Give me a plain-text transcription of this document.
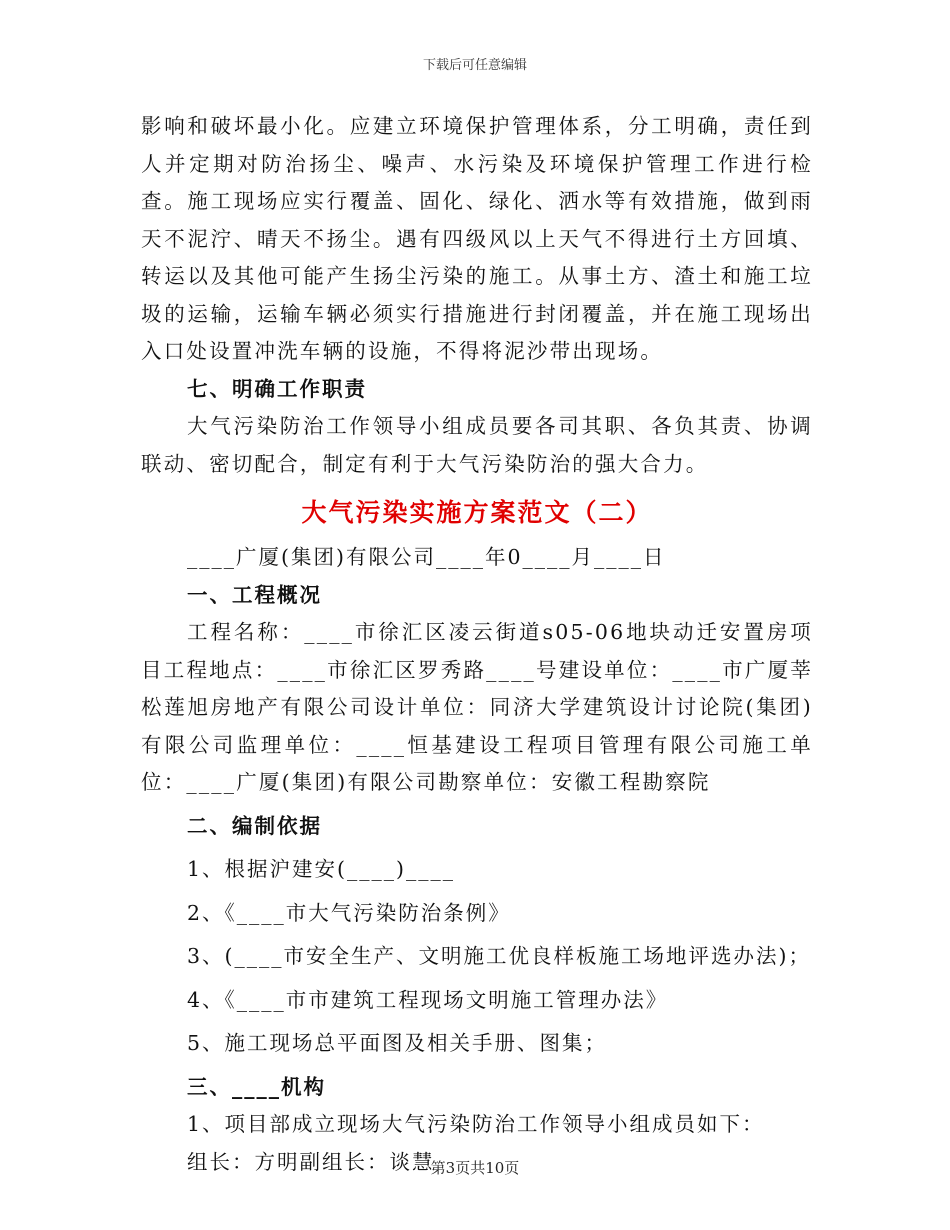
下载后可任意编辑

影响和破坏最小化。应建立环境保护管理体系，分工明确，责任到人并定期对防治扬尘、噪声、水污染及环境保护管理工作进行检查。施工现场应实行覆盖、固化、绿化、洒水等有效措施，做到雨天不泥泞、晴天不扬尘。遇有四级风以上天气不得进行土方回填、转运以及其他可能产生扬尘污染的施工。从事土方、渣土和施工垃圾的运输，运输车辆必须实行措施进行封闭覆盖，并在施工现场出入口处设置冲洗车辆的设施，不得将泥沙带出现场。

七、明确工作职责

大气污染防治工作领导小组成员要各司其职、各负其责、协调联动、密切配合，制定有利于大气污染防治的强大合力。

大气污染实施方案范文（二）

____广厦(集团)有限公司____年0____月____日

一、工程概况

工程名称：____市徐汇区凌云街道s05-06地块动迁安置房项目工程地点：____市徐汇区罗秀路____号建设单位：____市广厦莘松莲旭房地产有限公司设计单位：同济大学建筑设计讨论院(集团)有限公司监理单位：____恒基建设工程项目管理有限公司施工单位：____广厦(集团)有限公司勘察单位：安徽工程勘察院

二、编制依据

1、根据沪建安(____)____

2、《____市大气污染防治条例》

3、(____市安全生产、文明施工优良样板施工场地评选办法)；

4、《____市市建筑工程现场文明施工管理办法》

5、施工现场总平面图及相关手册、图集；

三、____机构

1、项目部成立现场大气污染防治工作领导小组成员如下：

组长：方明副组长：谈慧

第3页共10页
